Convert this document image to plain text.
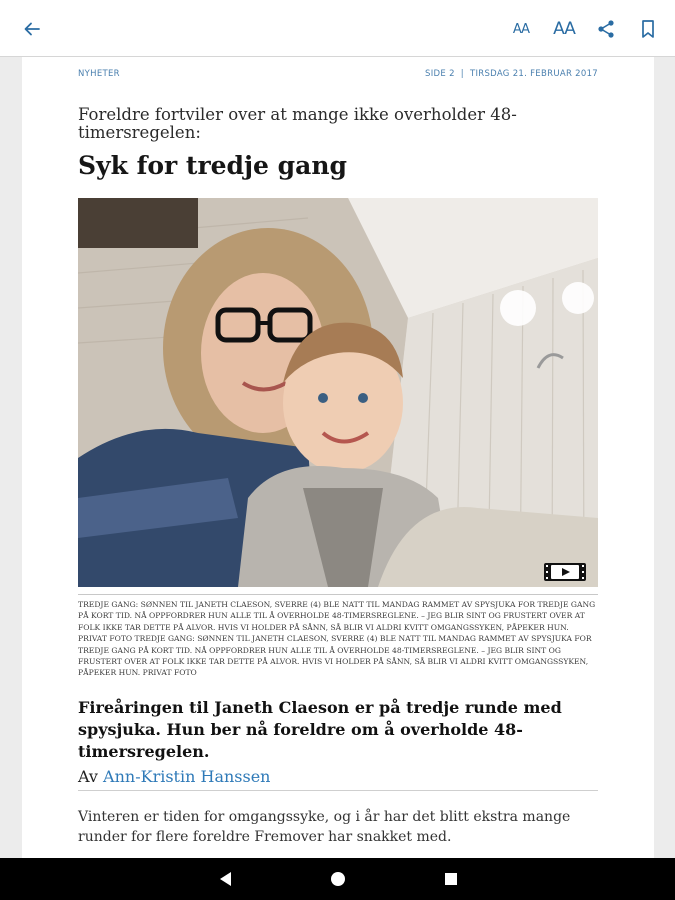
AA AA
NYHETER	SIDE 2  |  TIRSDAG 21. FEBRUAR 2017
Foreldre fortviler over at mange ikke overholder 48-timersregelen:
Syk for tredje gang
TREDJE GANG: SØNNEN TIL JANETH CLAESON, SVERRE (4) BLE NATT TIL MANDAG RAMMET AV SPYSJUKA FOR TREDJE GANG PÅ KORT TID. NÅ OPPFORDRER HUN ALLE TIL Å OVERHOLDE 48-TIMERSREGLENE. – JEG BLIR SINT OG FRUSTERT OVER AT FOLK IKKE TAR DETTE PÅ ALVOR. HVIS VI HOLDER PÅ SÅNN, SÅ BLIR VI ALDRI KVITT OMGANGSSYKEN, PÅPEKER HUN. PRIVAT FOTO TREDJE GANG: SØNNEN TIL JANETH CLAESON, SVERRE (4) BLE NATT TIL MANDAG RAMMET AV SPYSJUKA FOR TREDJE GANG PÅ KORT TID. NÅ OPPFORDRER HUN ALLE TIL Å OVERHOLDE 48-TIMERSREGLENE. – JEG BLIR SINT OG FRUSTERT OVER AT FOLK IKKE TAR DETTE PÅ ALVOR. HVIS VI HOLDER PÅ SÅNN, SÅ BLIR VI ALDRI KVITT OMGANGSSYKEN, PÅPEKER HUN. PRIVAT FOTO
Fireåringen til Janeth Claeson er på tredje runde med spysjuka. Hun ber nå foreldre om å overholde 48- timersregelen.
Av Ann-Kristin Hanssen
Vinteren er tiden for omgangssyke, og i år har det blitt ekstra mange runder for flere foreldre Fremover har snakket med.
